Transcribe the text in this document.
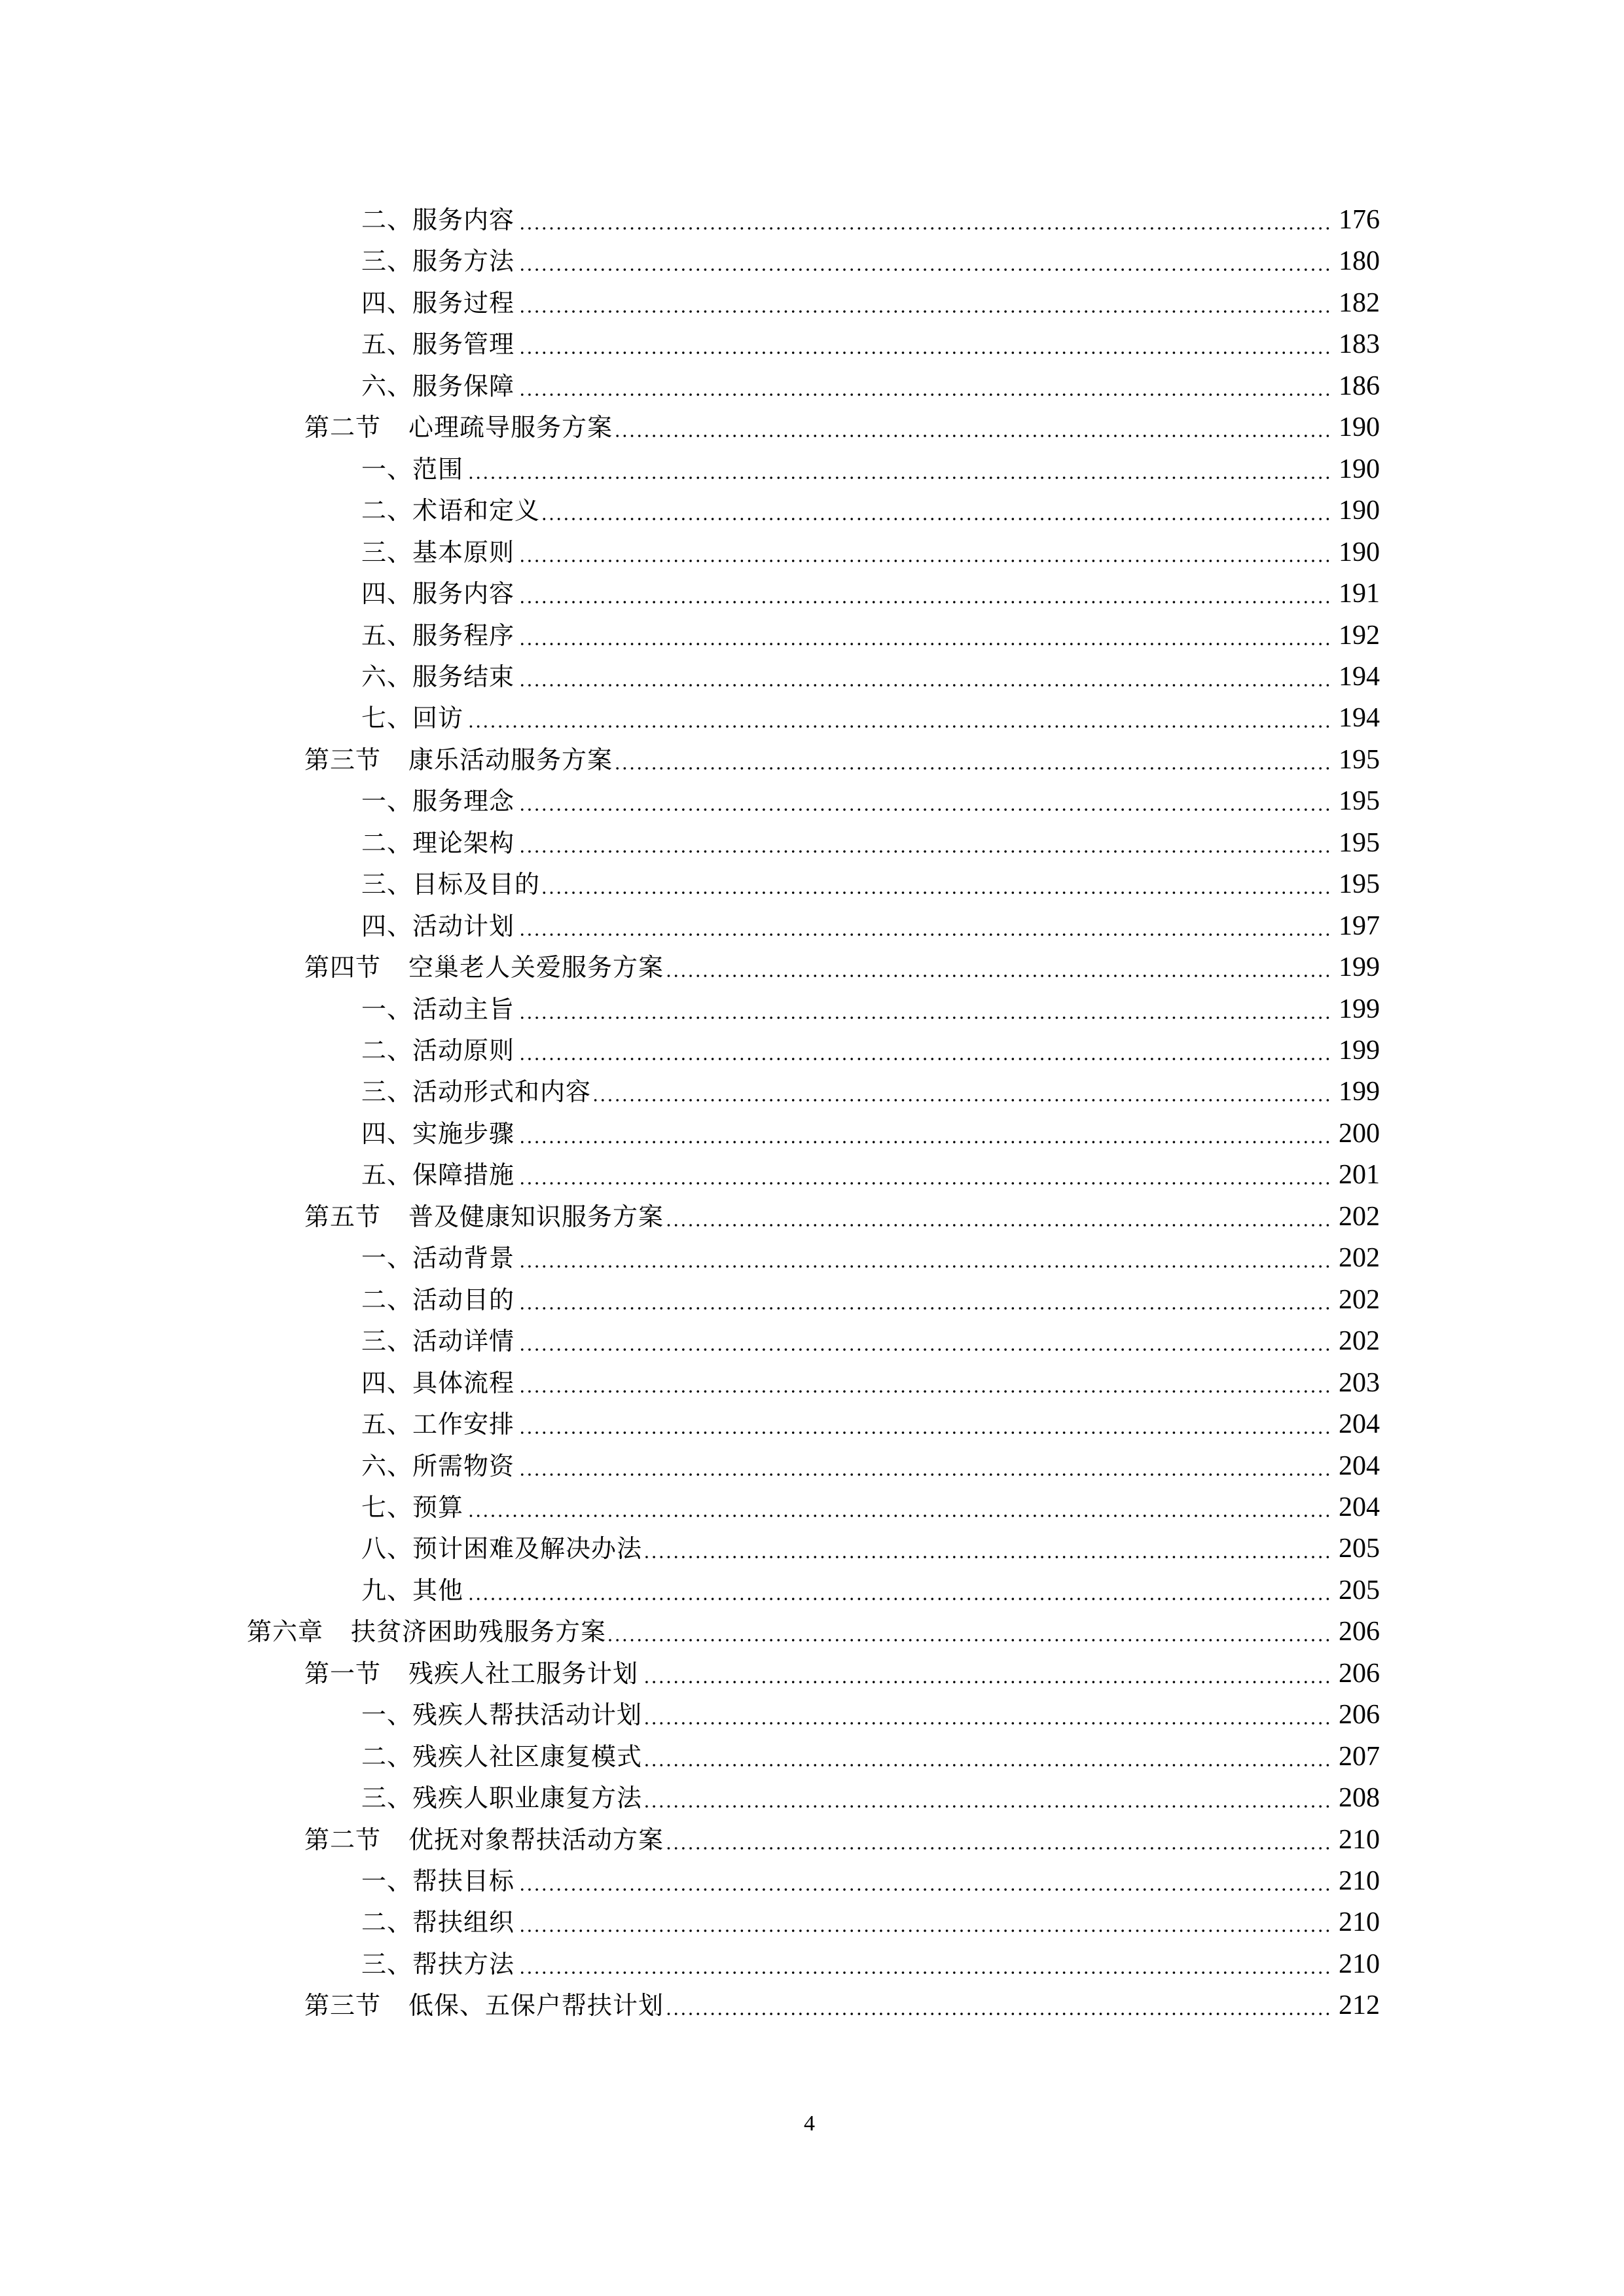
二、服务内容	176
三、服务方法	180
四、服务过程	182
五、服务管理	183
六、服务保障	186
第二节 心理疏导服务方案	190
一、范围	190
二、术语和定义	190
三、基本原则	190
四、服务内容	191
五、服务程序	192
六、服务结束	194
七、回访	194
第三节 康乐活动服务方案	195
一、服务理念	195
二、理论架构	195
三、目标及目的	195
四、活动计划	197
第四节 空巢老人关爱服务方案	199
一、活动主旨	199
二、活动原则	199
三、活动形式和内容	199
四、实施步骤	200
五、保障措施	201
第五节 普及健康知识服务方案	202
一、活动背景	202
二、活动目的	202
三、活动详情	202
四、具体流程	203
五、工作安排	204
六、所需物资	204
七、预算	204
八、预计困难及解决办法	205
九、其他	205
第六章 扶贫济困助残服务方案	206
第一节 残疾人社工服务计划	206
一、残疾人帮扶活动计划	206
二、残疾人社区康复模式	207
三、残疾人职业康复方法	208
第二节 优抚对象帮扶活动方案	210
一、帮扶目标	210
二、帮扶组织	210
三、帮扶方法	210
第三节 低保、五保户帮扶计划	212
4
